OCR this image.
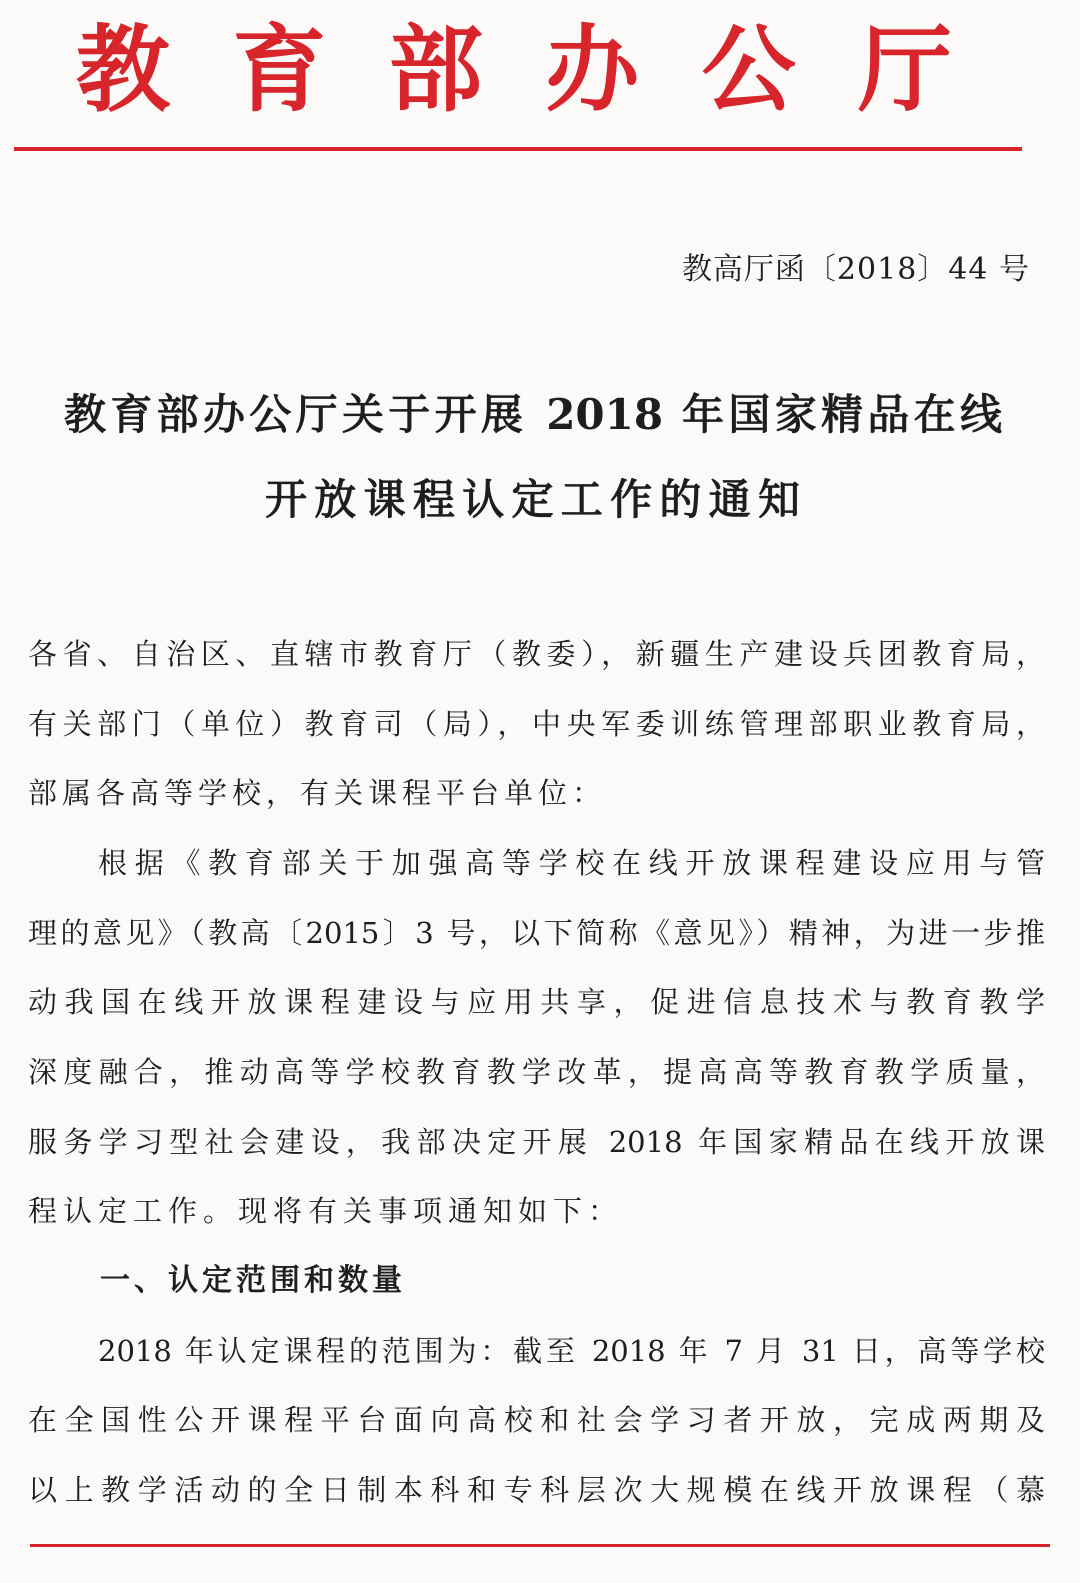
教育部办公厅
教高厅函〔2018〕44 号
教育部办公厅关于开展 2018 年国家精品在线
开放课程认定工作的通知
各省、自治区、直辖市教育厅（教委），新疆生产建设兵团教育局，
有关部门（单位）教育司（局），中央军委训练管理部职业教育局，
部属各高等学校，有关课程平台单位：
根据《教育部关于加强高等学校在线开放课程建设应用与管
理的意见》（教高〔2015〕3 号，以下简称《意见》）精神，为进一步推
动我国在线开放课程建设与应用共享，促进信息技术与教育教学
深度融合，推动高等学校教育教学改革，提高高等教育教学质量，
服务学习型社会建设，我部决定开展 2018 年国家精品在线开放课
程认定工作。现将有关事项通知如下：
一、认定范围和数量
2018 年认定课程的范围为：截至 2018 年 7 月 31 日，高等学校
在全国性公开课程平台面向高校和社会学习者开放，完成两期及
以上教学活动的全日制本科和专科层次大规模在线开放课程（慕
